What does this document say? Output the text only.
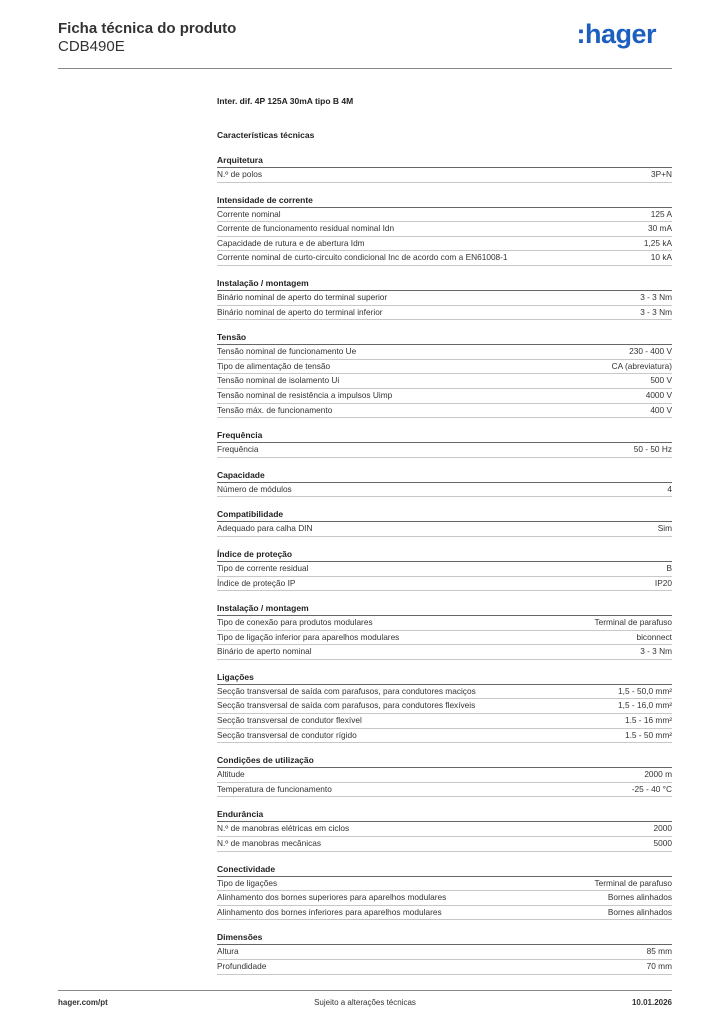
Ficha técnica do produto
CDB490E	:hager
Inter. dif. 4P 125A 30mA tipo B 4M
Características técnicas
Arquitetura
N.º de polos	3P+N
Intensidade de corrente
Corrente nominal	125 A
Corrente de funcionamento residual nominal Idn	30 mA
Capacidade de rutura e de abertura Idm	1,25 kA
Corrente nominal de curto-circuito condicional Inc de acordo com a EN61008-1	10 kA
Instalação / montagem
Binário nominal de aperto do terminal superior	3 - 3 Nm
Binário nominal de aperto do terminal inferior	3 - 3 Nm
Tensão
Tensão nominal de funcionamento Ue	230 - 400 V
Tipo de alimentação de tensão	CA (abreviatura)
Tensão nominal de isolamento Ui	500 V
Tensão nominal de resistência a impulsos Uimp	4000 V
Tensão máx. de funcionamento	400 V
Frequência
Frequência	50 - 50 Hz
Capacidade
Número de módulos	4
Compatibilidade
Adequado para calha DIN	Sim
Índice de proteção
Tipo de corrente residual	B
Índice de proteção IP	IP20
Instalação / montagem
Tipo de conexão para produtos modulares	Terminal de parafuso
Tipo de ligação inferior para aparelhos modulares	biconnect
Binário de aperto nominal	3 - 3 Nm
Ligações
Secção transversal de saída com parafusos, para condutores maciços	1,5 - 50,0 mm²
Secção transversal de saída com parafusos, para condutores flexíveis	1,5 - 16,0 mm²
Secção transversal de condutor flexível	1.5 - 16 mm²
Secção transversal de condutor rígido	1.5 - 50 mm²
Condições de utilização
Altitude	2000 m
Temperatura de funcionamento	-25 - 40 °C
Endurância
N.º de manobras elétricas em ciclos	2000
N.º de manobras mecânicas	5000
Conectividade
Tipo de ligações	Terminal de parafuso
Alinhamento dos bornes superiores para aparelhos modulares	Bornes alinhados
Alinhamento dos bornes inferiores para aparelhos modulares	Bornes alinhados
Dimensões
Altura	85 mm
Profundidade	70 mm
hager.com/pt	Sujeito a alterações técnicas	10.01.2026
